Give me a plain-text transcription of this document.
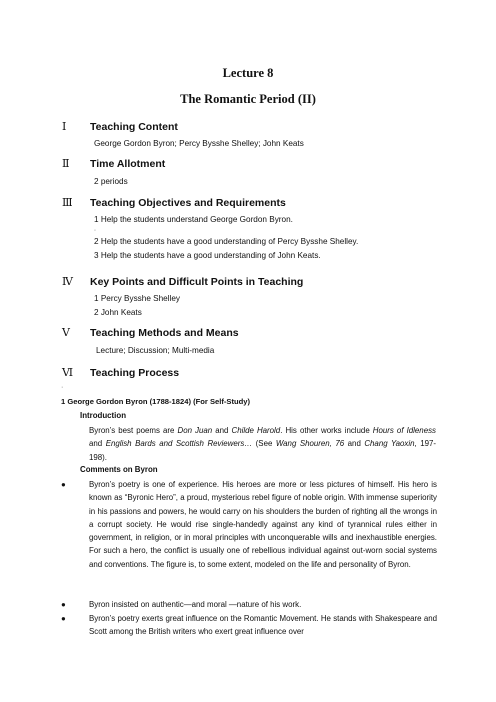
Lecture 8
The Romantic Period (II)
Ⅰ Teaching Content
George Gordon Byron; Percy Bysshe Shelley; John Keats
Ⅱ Time Allotment
2 periods
Ⅲ Teaching Objectives and Requirements
1 Help the students understand George Gordon Byron.
◦
2 Help the students have a good understanding of Percy Bysshe Shelley.
3 Help the students have a good understanding of John Keats.
Ⅳ Key Points and Difficult Points in Teaching
1 Percy Bysshe Shelley
2 John Keats
Ⅴ Teaching Methods and Means
Lecture; Discussion; Multi-media
Ⅵ Teaching Process
·
1 George Gordon Byron (1788-1824) (For Self-Study)
Introduction
Byron’s best poems are Don Juan and Childe Harold. His other works include Hours of Idleness and English Bards and Scottish Reviewers… (See Wang Shouren, 76 and Chang Yaoxin, 197-198).
Comments on Byron
●	Byron’s poetry is one of experience. His heroes are more or less pictures of himself. His hero is known as “Byronic Hero”, a proud, mysterious rebel figure of noble origin. With immense superiority in his passions and powers, he would carry on his shoulders the burden of righting all the wrongs in a corrupt society. He would rise single-handedly against any kind of tyrannical rules either in government, in religion, or in moral principles with unconquerable wills and inexhaustible energies. For such a hero, the conflict is usually one of rebellious individual against out-worn social systems and conventions. The figure is, to some extent, modeled on the life and personality of Byron.
●	Byron insisted on authentic—and moral —nature of his work.
●	Byron’s poetry exerts great influence on the Romantic Movement. He stands with Shakespeare and Scott among the British writers who exert great influence over
